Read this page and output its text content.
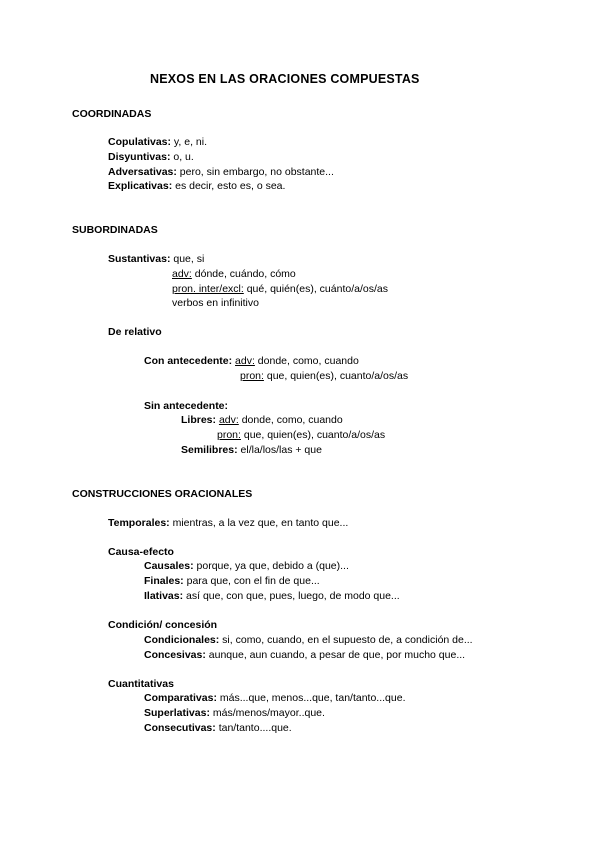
NEXOS EN LAS ORACIONES COMPUESTAS
COORDINADAS
Copulativas: y, e, ni.
Disyuntivas: o, u.
Adversativas: pero, sin embargo, no obstante...
Explicativas: es decir, esto es, o sea.
SUBORDINADAS
Sustantivas: que, si
adv: dónde, cuándo, cómo
pron. inter/excl: qué, quién(es), cuánto/a/os/as
verbos en infinitivo
De relativo
Con antecedente: adv: donde, como, cuando
pron: que, quien(es), cuanto/a/os/as
Sin antecedente:
Libres: adv: donde, como, cuando
pron: que, quien(es), cuanto/a/os/as
Semilibres: el/la/los/las + que
CONSTRUCCIONES ORACIONALES
Temporales: mientras, a la vez que, en tanto que...
Causa-efecto
Causales: porque, ya que, debido a (que)...
Finales: para que, con el fin de que...
Ilativas: así que, con que, pues, luego, de modo que...
Condición/ concesión
Condicionales: si, como, cuando, en el supuesto de, a condición de...
Concesivas: aunque, aun cuando, a pesar de que, por mucho que...
Cuantitativas
Comparativas: más...que, menos...que, tan/tanto...que.
Superlativas: más/menos/mayor..que.
Consecutivas: tan/tanto....que.
